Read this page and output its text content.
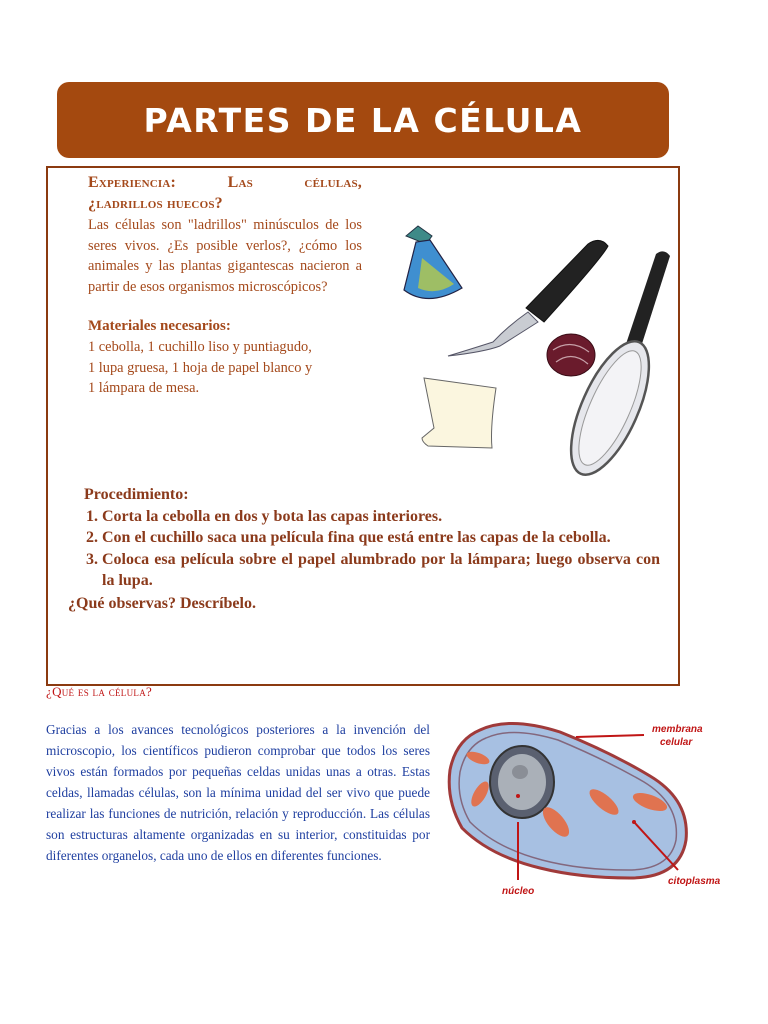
PARTES DE LA CÉLULA
Experiencia: Las células,
¿ladrillos huecos?
Las células son "ladrillos" minúsculos de los seres vivos. ¿Es posible verlos?, ¿cómo los animales y las plantas gigantescas nacieron a partir de esos organismos microscópicos?
Materiales necesarios:
1 cebolla, 1 cuchillo liso y puntiagudo,
1 lupa gruesa, 1 hoja de papel blanco y
1 lámpara de mesa.
Procedimiento:
1. Corta la cebolla en dos y bota las capas interiores.
2. Con el cuchillo saca una película fina que está entre las capas de la cebolla.
3. Coloca esa película sobre el papel alumbrado por la lámpara; luego observa con la lupa.
¿Qué observas? Descríbelo.
¿Qué es la célula?
Gracias a los avances tecnológicos posteriores a la invención del microscopio, los científicos pudieron comprobar que todos los seres vivos están formados por pequeñas celdas unidas unas a otras. Estas celdas, llamadas células, son la mínima unidad del ser vivo que puede realizar las funciones de nutrición, relación y reproducción. Las células son estructuras altamente organizadas en su interior, constituidas por diferentes organelos, cada uno de ellos en diferentes funciones.
membrana
celular
núcleo
citoplasma
